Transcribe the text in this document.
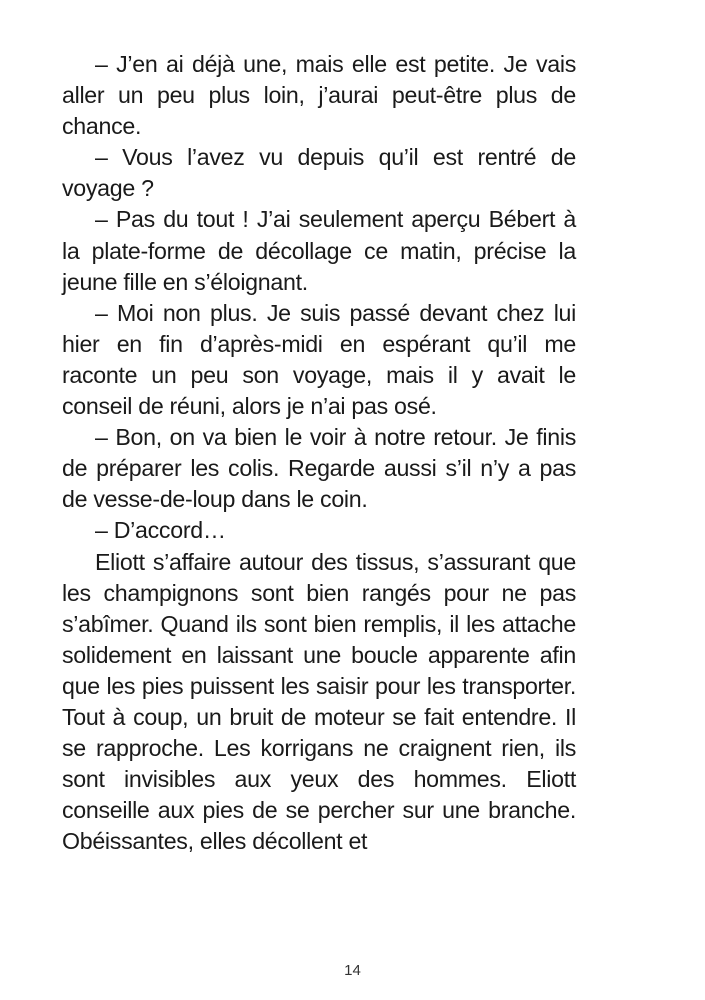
– J’en ai déjà une, mais elle est petite. Je vais aller un peu plus loin, j’aurai peut-être plus de chance.

– Vous l’avez vu depuis qu’il est rentré de voyage ?

– Pas du tout ! J’ai seulement aperçu Bébert à la plate-forme de décollage ce matin, précise la jeune fille en s’éloignant.

– Moi non plus. Je suis passé devant chez lui hier en fin d’après-midi en espérant qu’il me raconte un peu son voyage, mais il y avait le conseil de réuni, alors je n’ai pas osé.

– Bon, on va bien le voir à notre retour. Je finis de préparer les colis. Regarde aussi s’il n’y a pas de vesse-de-loup dans le coin.

– D’accord…

Eliott s’affaire autour des tissus, s’assurant que les champignons sont bien rangés pour ne pas s’abîmer. Quand ils sont bien remplis, il les attache solidement en laissant une boucle apparente afin que les pies puissent les saisir pour les transporter. Tout à coup, un bruit de moteur se fait entendre. Il se rapproche. Les korrigans ne craignent rien, ils sont invisibles aux yeux des hommes. Eliott conseille aux pies de se percher sur une branche. Obéissantes, elles décollent et

14
